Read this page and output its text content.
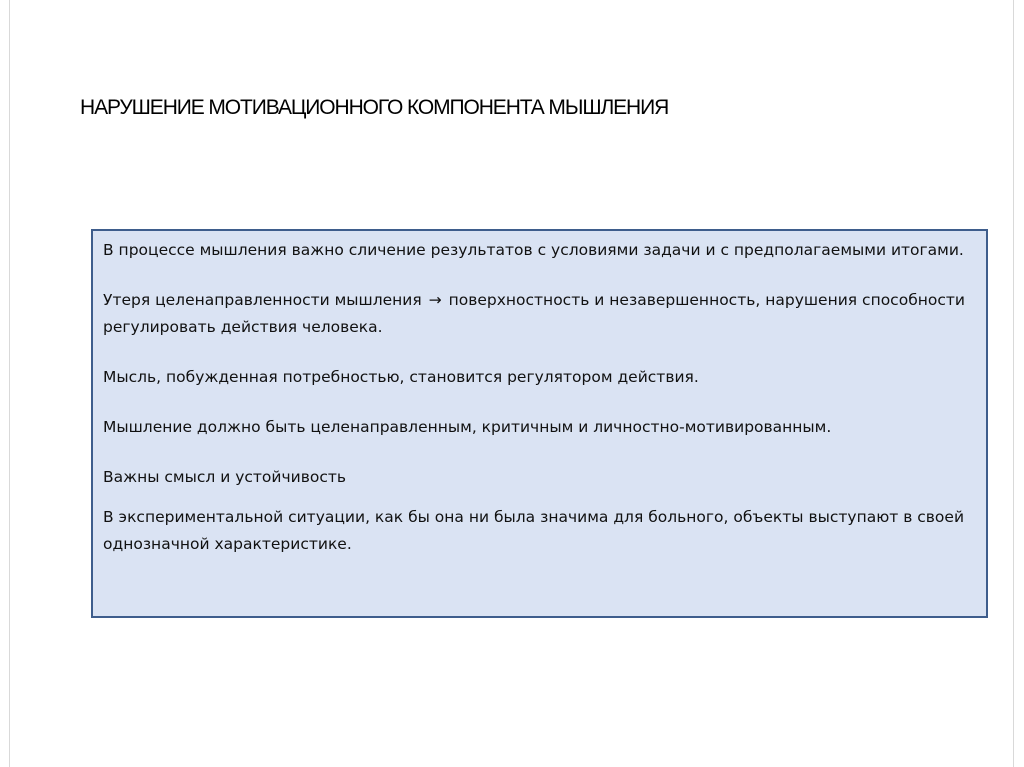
НАРУШЕНИЕ МОТИВАЦИОННОГО КОМПОНЕНТА МЫШЛЕНИЯ

В процессе мышления важно сличение результатов с условиями задачи и с предполагаемыми итогами.

Утеря целенаправленности мышления → поверхностность и незавершенность, нарушения способности регулировать действия человека.

Мысль, побужденная потребностью, становится регулятором действия.

Мышление должно быть целенаправленным, критичным и личностно-мотивированным.

Важны смысл и устойчивость

В экспериментальной ситуации, как бы она ни была значима для больного, объекты выступают в своей однозначной характеристике.
